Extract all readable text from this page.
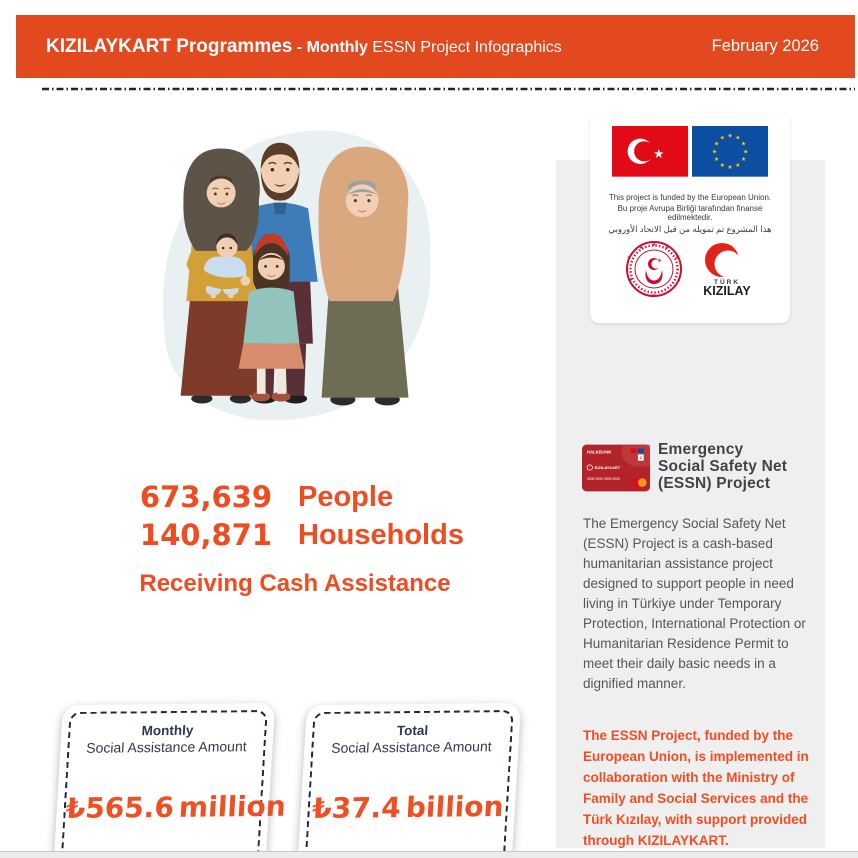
KIZILAYKART Programmes - Monthly ESSN Project Infographics	February 2026
673,639 People
140,871 Households
Receiving Cash Assistance
Monthly
Social Assistance Amount
₺565.6 million
Total
Social Assistance Amount
₺37.4 billion
★
★ ★
★
★
★
★
★
★
★
★
★
★
This project is funded by the European Union.
Bu proje Avrupa Birliği tarafından finanse edilmektedir.
هذا المشروع تم تمويله من قبل الاتحاد الأوروبي
★
★
★
★
★
★
★
★
★
TÜRK
KIZILAY
HALKBANK
2
KIZILAYKART
0000 0000 0000 0000
Emergency
Social Safety Net
(ESSN) Project
The Emergency Social Safety Net (ESSN) Project is a cash-based humanitarian assistance project designed to support people in need living in Türkiye under Temporary Protection, International Protection or Humanitarian Residence Permit to meet their daily basic needs in a dignified manner.
The ESSN Project, funded by the European Union, is implemented in collaboration with the Ministry of Family and Social Services and the Türk Kızılay, with support provided through KIZILAYKART.
